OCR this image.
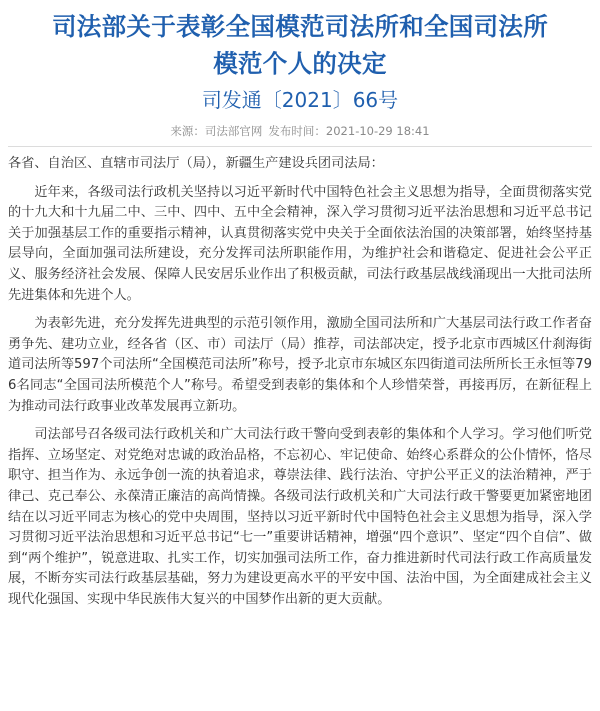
司法部关于表彰全国模范司法所和全国司法所
模范个人的决定
司发通〔2021〕66号
来源：司法部官网 发布时间：2021-10-29 18:41

各省、自治区、直辖市司法厅（局），新疆生产建设兵团司法局：

近年来，各级司法行政机关坚持以习近平新时代中国特色社会主义思想为指导，全面贯彻落实党的十九大和十九届二中、三中、四中、五中全会精神，深入学习贯彻习近平法治思想和习近平总书记关于加强基层工作的重要指示精神，认真贯彻落实党中央关于全面依法治国的决策部署，始终坚持基层导向，全面加强司法所建设，充分发挥司法所职能作用，为维护社会和谐稳定、促进社会公平正义、服务经济社会发展、保障人民安居乐业作出了积极贡献，司法行政基层战线涌现出一大批司法所先进集体和先进个人。

为表彰先进，充分发挥先进典型的示范引领作用，激励全国司法所和广大基层司法行政工作者奋勇争先、建功立业，经各省（区、市）司法厅（局）推荐，司法部决定，授予北京市西城区什刹海街道司法所等597个司法所“全国模范司法所”称号，授予北京市东城区东四街道司法所所长王永恒等796名同志“全国司法所模范个人”称号。希望受到表彰的集体和个人珍惜荣誉，再接再厉，在新征程上为推动司法行政事业改革发展再立新功。

司法部号召各级司法行政机关和广大司法行政干警向受到表彰的集体和个人学习。学习他们听党指挥、立场坚定、对党绝对忠诚的政治品格，不忘初心、牢记使命、始终心系群众的公仆情怀，恪尽职守、担当作为、永远争创一流的执着追求，尊崇法律、践行法治、守护公平正义的法治精神，严于律己、克己奉公、永葆清正廉洁的高尚情操。各级司法行政机关和广大司法行政干警要更加紧密地团结在以习近平同志为核心的党中央周围，坚持以习近平新时代中国特色社会主义思想为指导，深入学习贯彻习近平法治思想和习近平总书记“七一”重要讲话精神，增强“四个意识”、坚定“四个自信”、做到“两个维护”，锐意进取、扎实工作，切实加强司法所工作，奋力推进新时代司法行政工作高质量发展，不断夯实司法行政基层基础，努力为建设更高水平的平安中国、法治中国，为全面建成社会主义现代化强国、实现中华民族伟大复兴的中国梦作出新的更大贡献。
